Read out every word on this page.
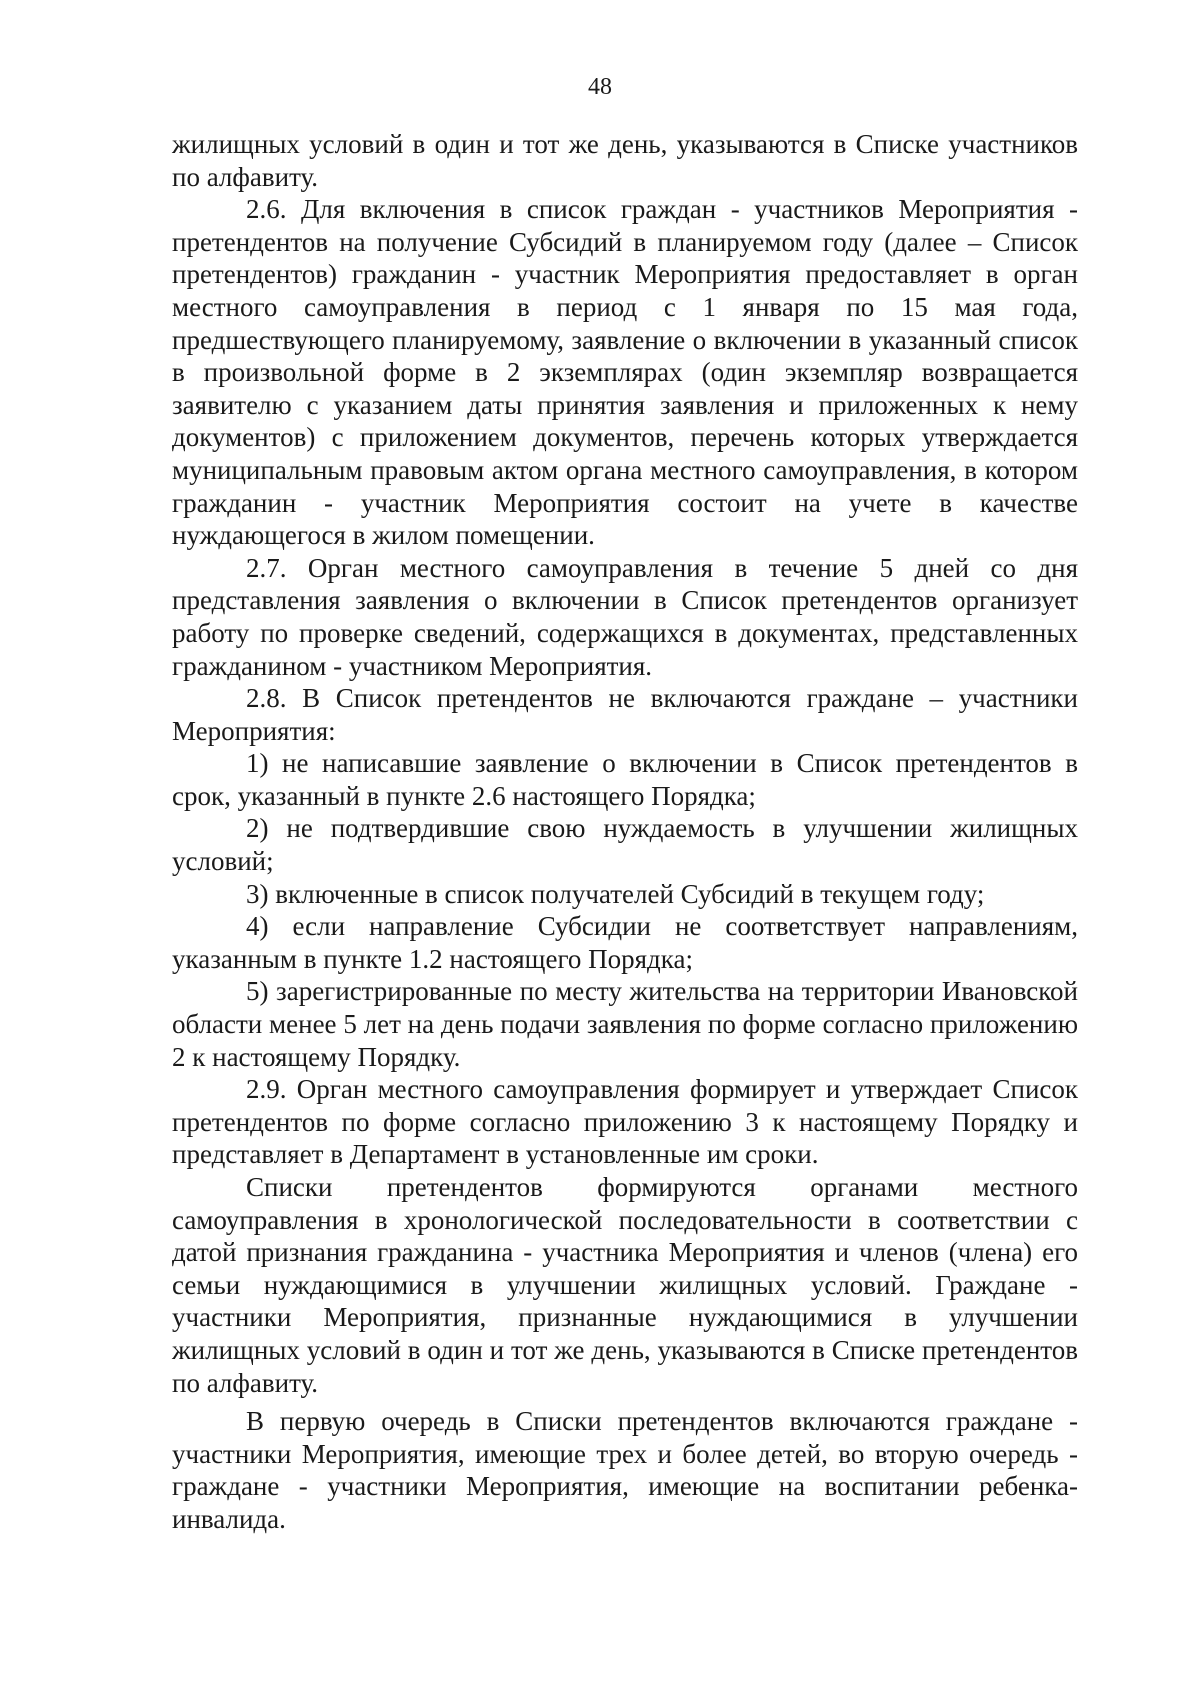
48

жилищных условий в один и тот же день, указываются в Списке участников по алфавиту.

2.6. Для включения в список граждан - участников Мероприятия - претендентов на получение Субсидий в планируемом году (далее – Список претендентов) гражданин - участник Мероприятия предоставляет в орган местного самоуправления в период с 1 января по 15 мая года, предшествующего планируемому, заявление о включении в указанный список в произвольной форме в 2 экземплярах (один экземпляр возвращается заявителю с указанием даты принятия заявления и приложенных к нему документов) с приложением документов, перечень которых утверждается муниципальным правовым актом органа местного самоуправления, в котором гражданин - участник Мероприятия состоит на учете в качестве нуждающегося в жилом помещении.

2.7. Орган местного самоуправления в течение 5 дней со дня представления заявления о включении в Список претендентов организует работу по проверке сведений, содержащихся в документах, представленных гражданином - участником Мероприятия.

2.8. В Список претендентов не включаются граждане – участники Мероприятия:

1) не написавшие заявление о включении в Список претендентов в срок, указанный в пункте 2.6 настоящего Порядка;

2) не подтвердившие свою нуждаемость в улучшении жилищных условий;

3) включенные в список получателей Субсидий в текущем году;

4) если направление Субсидии не соответствует направлениям, указанным в пункте 1.2 настоящего Порядка;

5) зарегистрированные по месту жительства на территории Ивановской области менее 5 лет на день подачи заявления по форме согласно приложению 2 к настоящему Порядку.

2.9. Орган местного самоуправления формирует и утверждает Список претендентов по форме согласно приложению 3 к настоящему Порядку и представляет в Департамент в установленные им сроки.

Списки претендентов формируются органами местного самоуправления в хронологической последовательности в соответствии с датой признания гражданина - участника Мероприятия и членов (члена) его семьи нуждающимися в улучшении жилищных условий. Граждане - участники Мероприятия, признанные нуждающимися в улучшении жилищных условий в один и тот же день, указываются в Списке претендентов по алфавиту.

В первую очередь в Списки претендентов включаются граждане - участники Мероприятия, имеющие трех и более детей, во вторую очередь - граждане - участники Мероприятия, имеющие на воспитании ребенка-инвалида.
